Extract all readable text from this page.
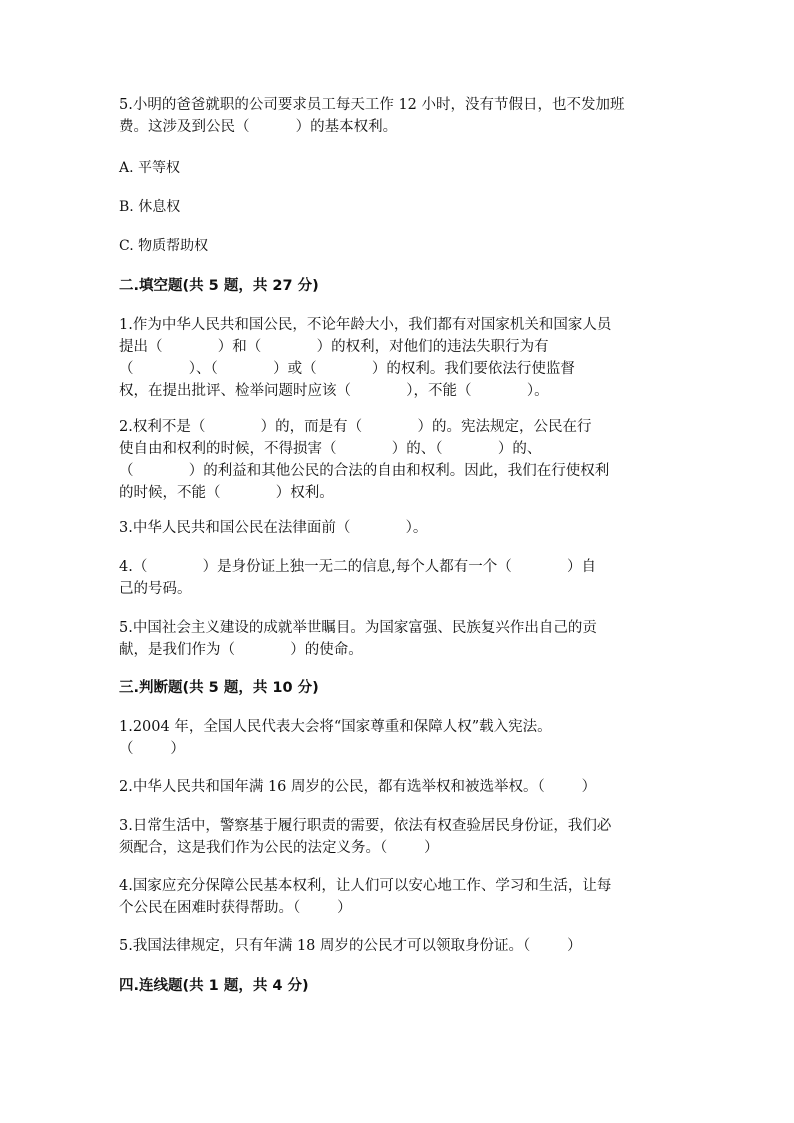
5.小明的爸爸就职的公司要求员工每天工作 12 小时，没有节假日，也不发加班
费。这涉及到公民（          ）的基本权利。
A. 平等权
B. 休息权
C. 物质帮助权
二.填空题(共 5 题，共 27 分)
1.作为中华人民共和国公民，不论年龄大小，我们都有对国家机关和国家人员
提出（            ）和（            ）的权利，对他们的违法失职行为有
（            ）、（            ）或（            ）的权利。我们要依法行使监督
权，在提出批评、检举问题时应该（            ），不能（            ）。
2.权利不是（            ）的，而是有（            ）的。宪法规定，公民在行
使自由和权利的时候，不得损害（            ）的、（            ）的、
（            ）的利益和其他公民的合法的自由和权利。因此，我们在行使权利
的时候，不能（            ）权利。
3.中华人民共和国公民在法律面前（            ）。
4.（            ）是身份证上独一无二的信息,每个人都有一个（            ）自
己的号码。
5.中国社会主义建设的成就举世瞩目。为国家富强、民族复兴作出自己的贡
献，是我们作为（            ）的使命。
三.判断题(共 5 题，共 10 分)
1.2004 年，全国人民代表大会将“国家尊重和保障人权”载入宪法。
（        ）
2.中华人民共和国年满 16 周岁的公民，都有选举权和被选举权。（        ）
3.日常生活中，警察基于履行职责的需要，依法有权查验居民身份证，我们必
须配合，这是我们作为公民的法定义务。（        ）
4.国家应充分保障公民基本权利，让人们可以安心地工作、学习和生活，让每
个公民在困难时获得帮助。（        ）
5.我国法律规定，只有年满 18 周岁的公民才可以领取身份证。（        ）
四.连线题(共 1 题，共 4 分)
